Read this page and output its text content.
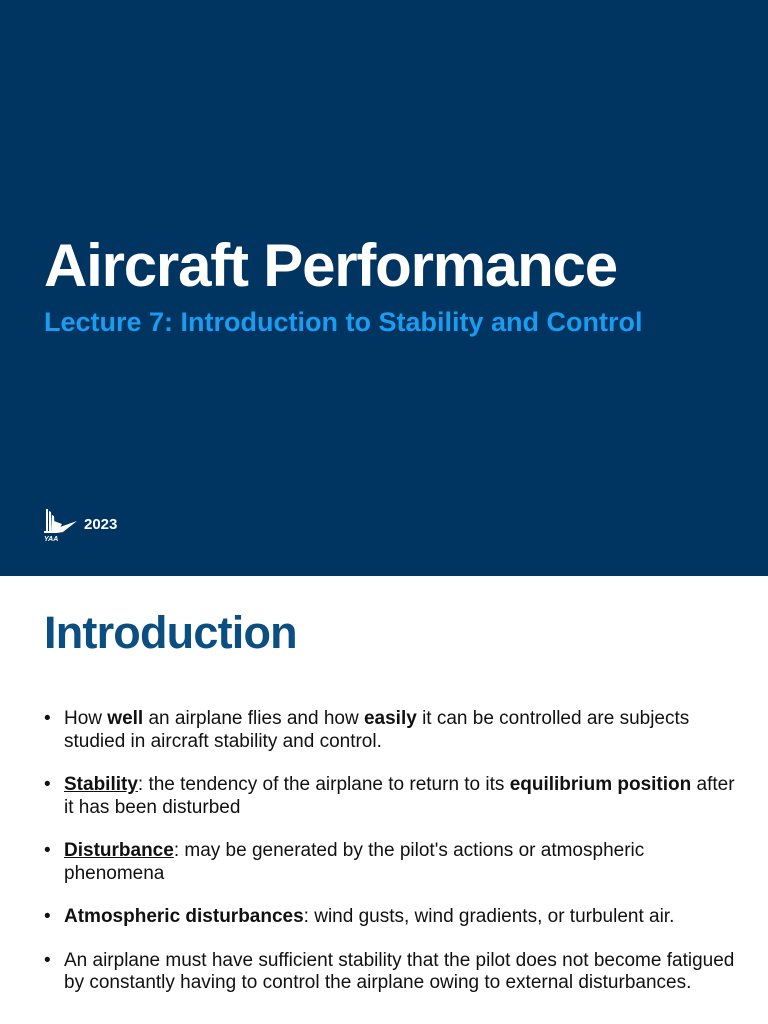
Aircraft Performance
Lecture 7: Introduction to Stability and Control
YAA
2023
Introduction
• How well an airplane flies and how easily it can be controlled are subjects studied in aircraft stability and control.
• Stability: the tendency of the airplane to return to its equilibrium position after it has been disturbed
• Disturbance: may be generated by the pilot's actions or atmospheric phenomena
• Atmospheric disturbances: wind gusts, wind gradients, or turbulent air.
• An airplane must have sufficient stability that the pilot does not become fatigued by constantly having to control the airplane owing to external disturbances.
